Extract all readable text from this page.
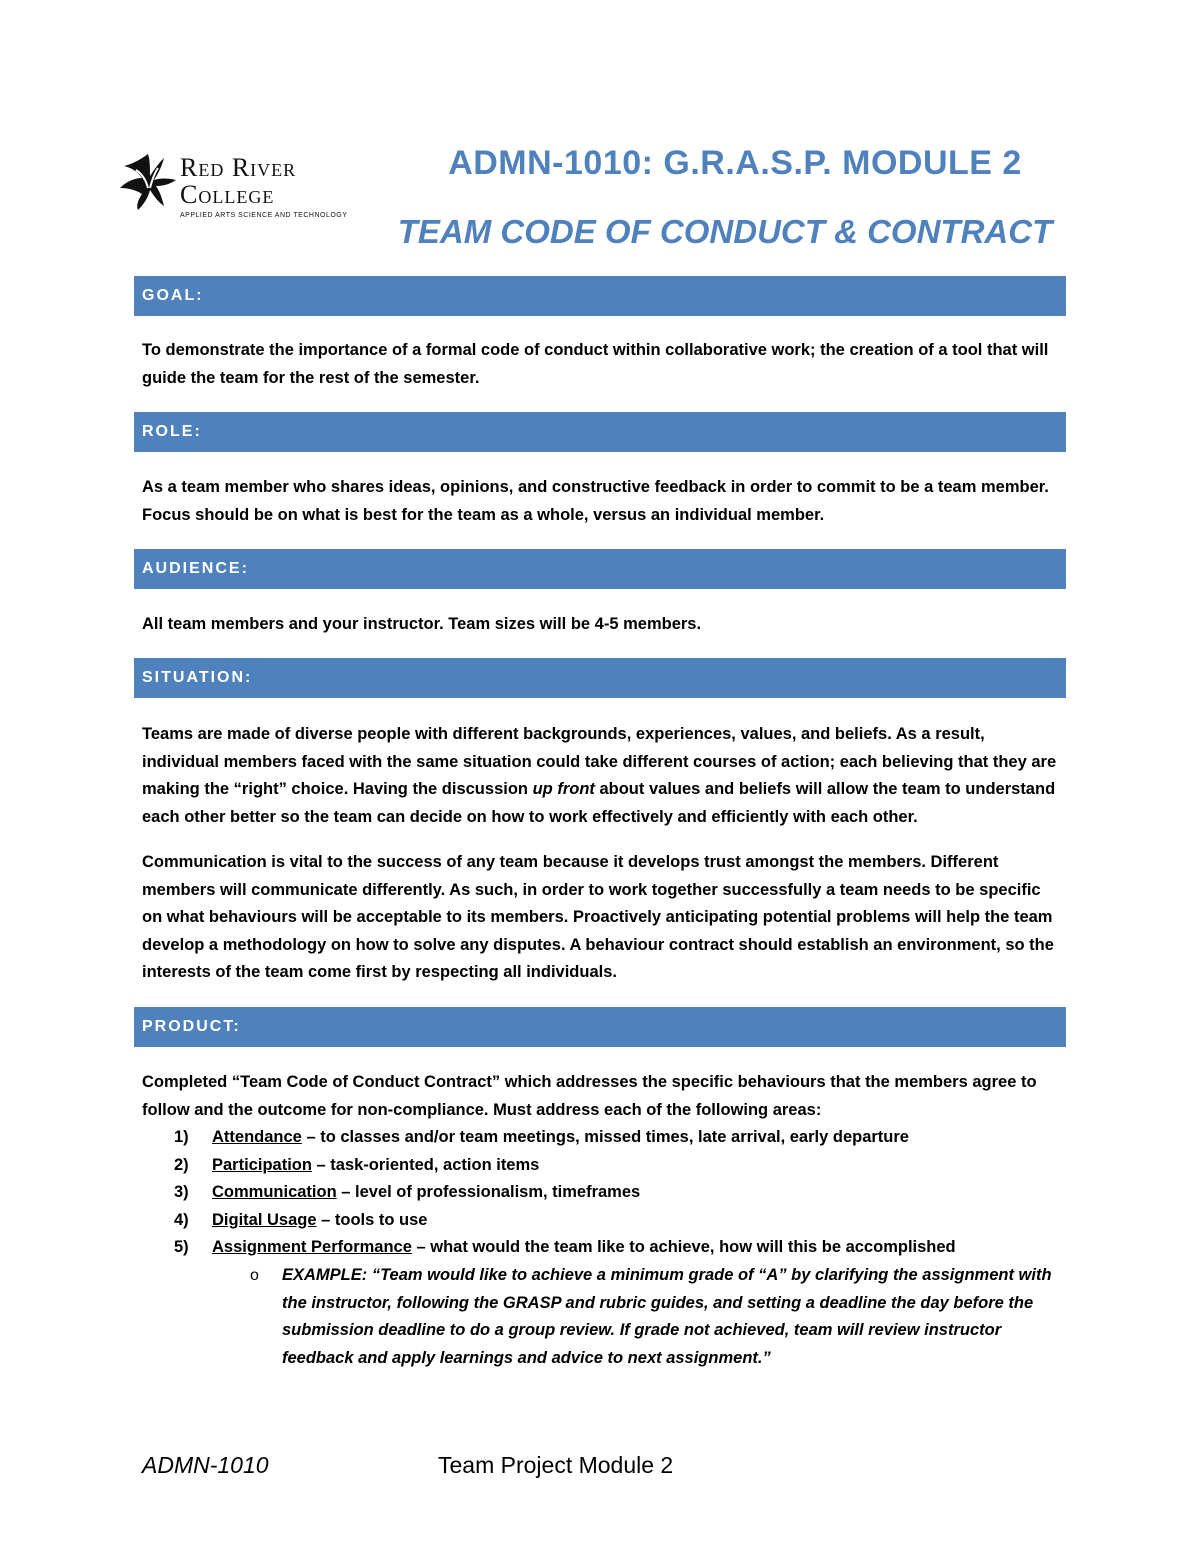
Red River
College
APPLIED ARTS SCIENCE AND TECHNOLOGY
ADMN-1010: G.R.A.S.P. MODULE 2
TEAM CODE OF CONDUCT & CONTRACT
GOAL:
To demonstrate the importance of a formal code of conduct within collaborative work; the creation of a tool that will guide the team for the rest of the semester.
ROLE:
As a team member who shares ideas, opinions, and constructive feedback in order to commit to be a team member. Focus should be on what is best for the team as a whole, versus an individual member.
AUDIENCE:
All team members and your instructor. Team sizes will be 4-5 members.
SITUATION:
Teams are made of diverse people with different backgrounds, experiences, values, and beliefs. As a result, individual members faced with the same situation could take different courses of action; each believing that they are making the “right” choice. Having the discussion up front about values and beliefs will allow the team to understand each other better so the team can decide on how to work effectively and efficiently with each other.
Communication is vital to the success of any team because it develops trust amongst the members. Different members will communicate differently. As such, in order to work together successfully a team needs to be specific on what behaviours will be acceptable to its members. Proactively anticipating potential problems will help the team develop a methodology on how to solve any disputes. A behaviour contract should establish an environment, so the interests of the team come first by respecting all individuals.
PRODUCT:
Completed “Team Code of Conduct Contract” which addresses the specific behaviours that the members agree to follow and the outcome for non-compliance. Must address each of the following areas:
1) Attendance – to classes and/or team meetings, missed times, late arrival, early departure
2) Participation – task-oriented, action items
3) Communication – level of professionalism, timeframes
4) Digital Usage – tools to use
5) Assignment Performance – what would the team like to achieve, how will this be accomplished
o EXAMPLE: “Team would like to achieve a minimum grade of “A” by clarifying the assignment with the instructor, following the GRASP and rubric guides, and setting a deadline the day before the submission deadline to do a group review. If grade not achieved, team will review instructor feedback and apply learnings and advice to next assignment.”
ADMN-1010	Team Project Module 2
